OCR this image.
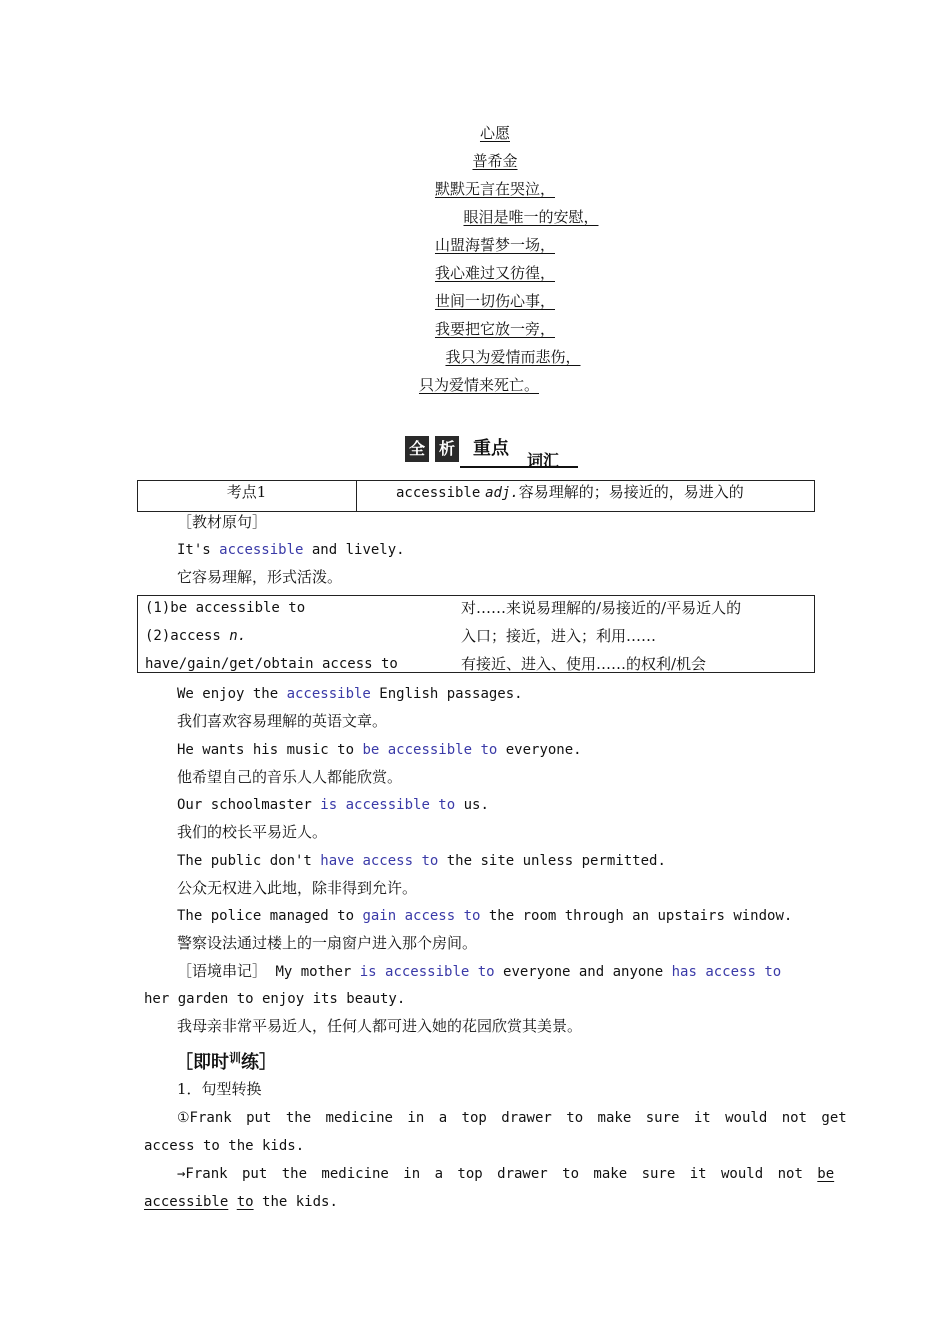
心愿
普希金
默默无言在哭泣，
眼泪是唯一的安慰，
山盟海誓梦一场，
我心难过又彷徨，
世间一切伤心事，
我要把它放一旁，
我只为爱情而悲伤，
只为爱情来死亡。
全 析 重点
词汇
考点1	accessible adj.容易理解的；易接近的，易进入的
［教材原句］
It's accessible and lively.
它容易理解，形式活泼。
(1)be accessible to	对……来说易理解的/易接近的/平易近人的
(2)access n.	入口；接近，进入；利用……
have/gain/get/obtain access to	有接近、进入、使用……的权利/机会
We enjoy the accessible English passages.
我们喜欢容易理解的英语文章。
He wants his music to be accessible to everyone.
他希望自己的音乐人人都能欣赏。
Our schoolmaster is accessible to us.
我们的校长平易近人。
The public don't have access to the site unless permitted.
公众无权进入此地，除非得到允许。
The police managed to gain access to the room through an upstairs window.
警察设法通过楼上的一扇窗户进入那个房间。
［语境串记］ My mother is accessible to everyone and anyone has access to
her garden to enjoy its beauty.
我母亲非常平易近人，任何人都可进入她的花园欣赏其美景。
［即时$^训$练］
1．句型转换
①Frank put the medicine in a top drawer to make sure it would not get
access to the kids.
→Frank put the medicine in a top drawer to make sure it would not be
accessible to the kids.
